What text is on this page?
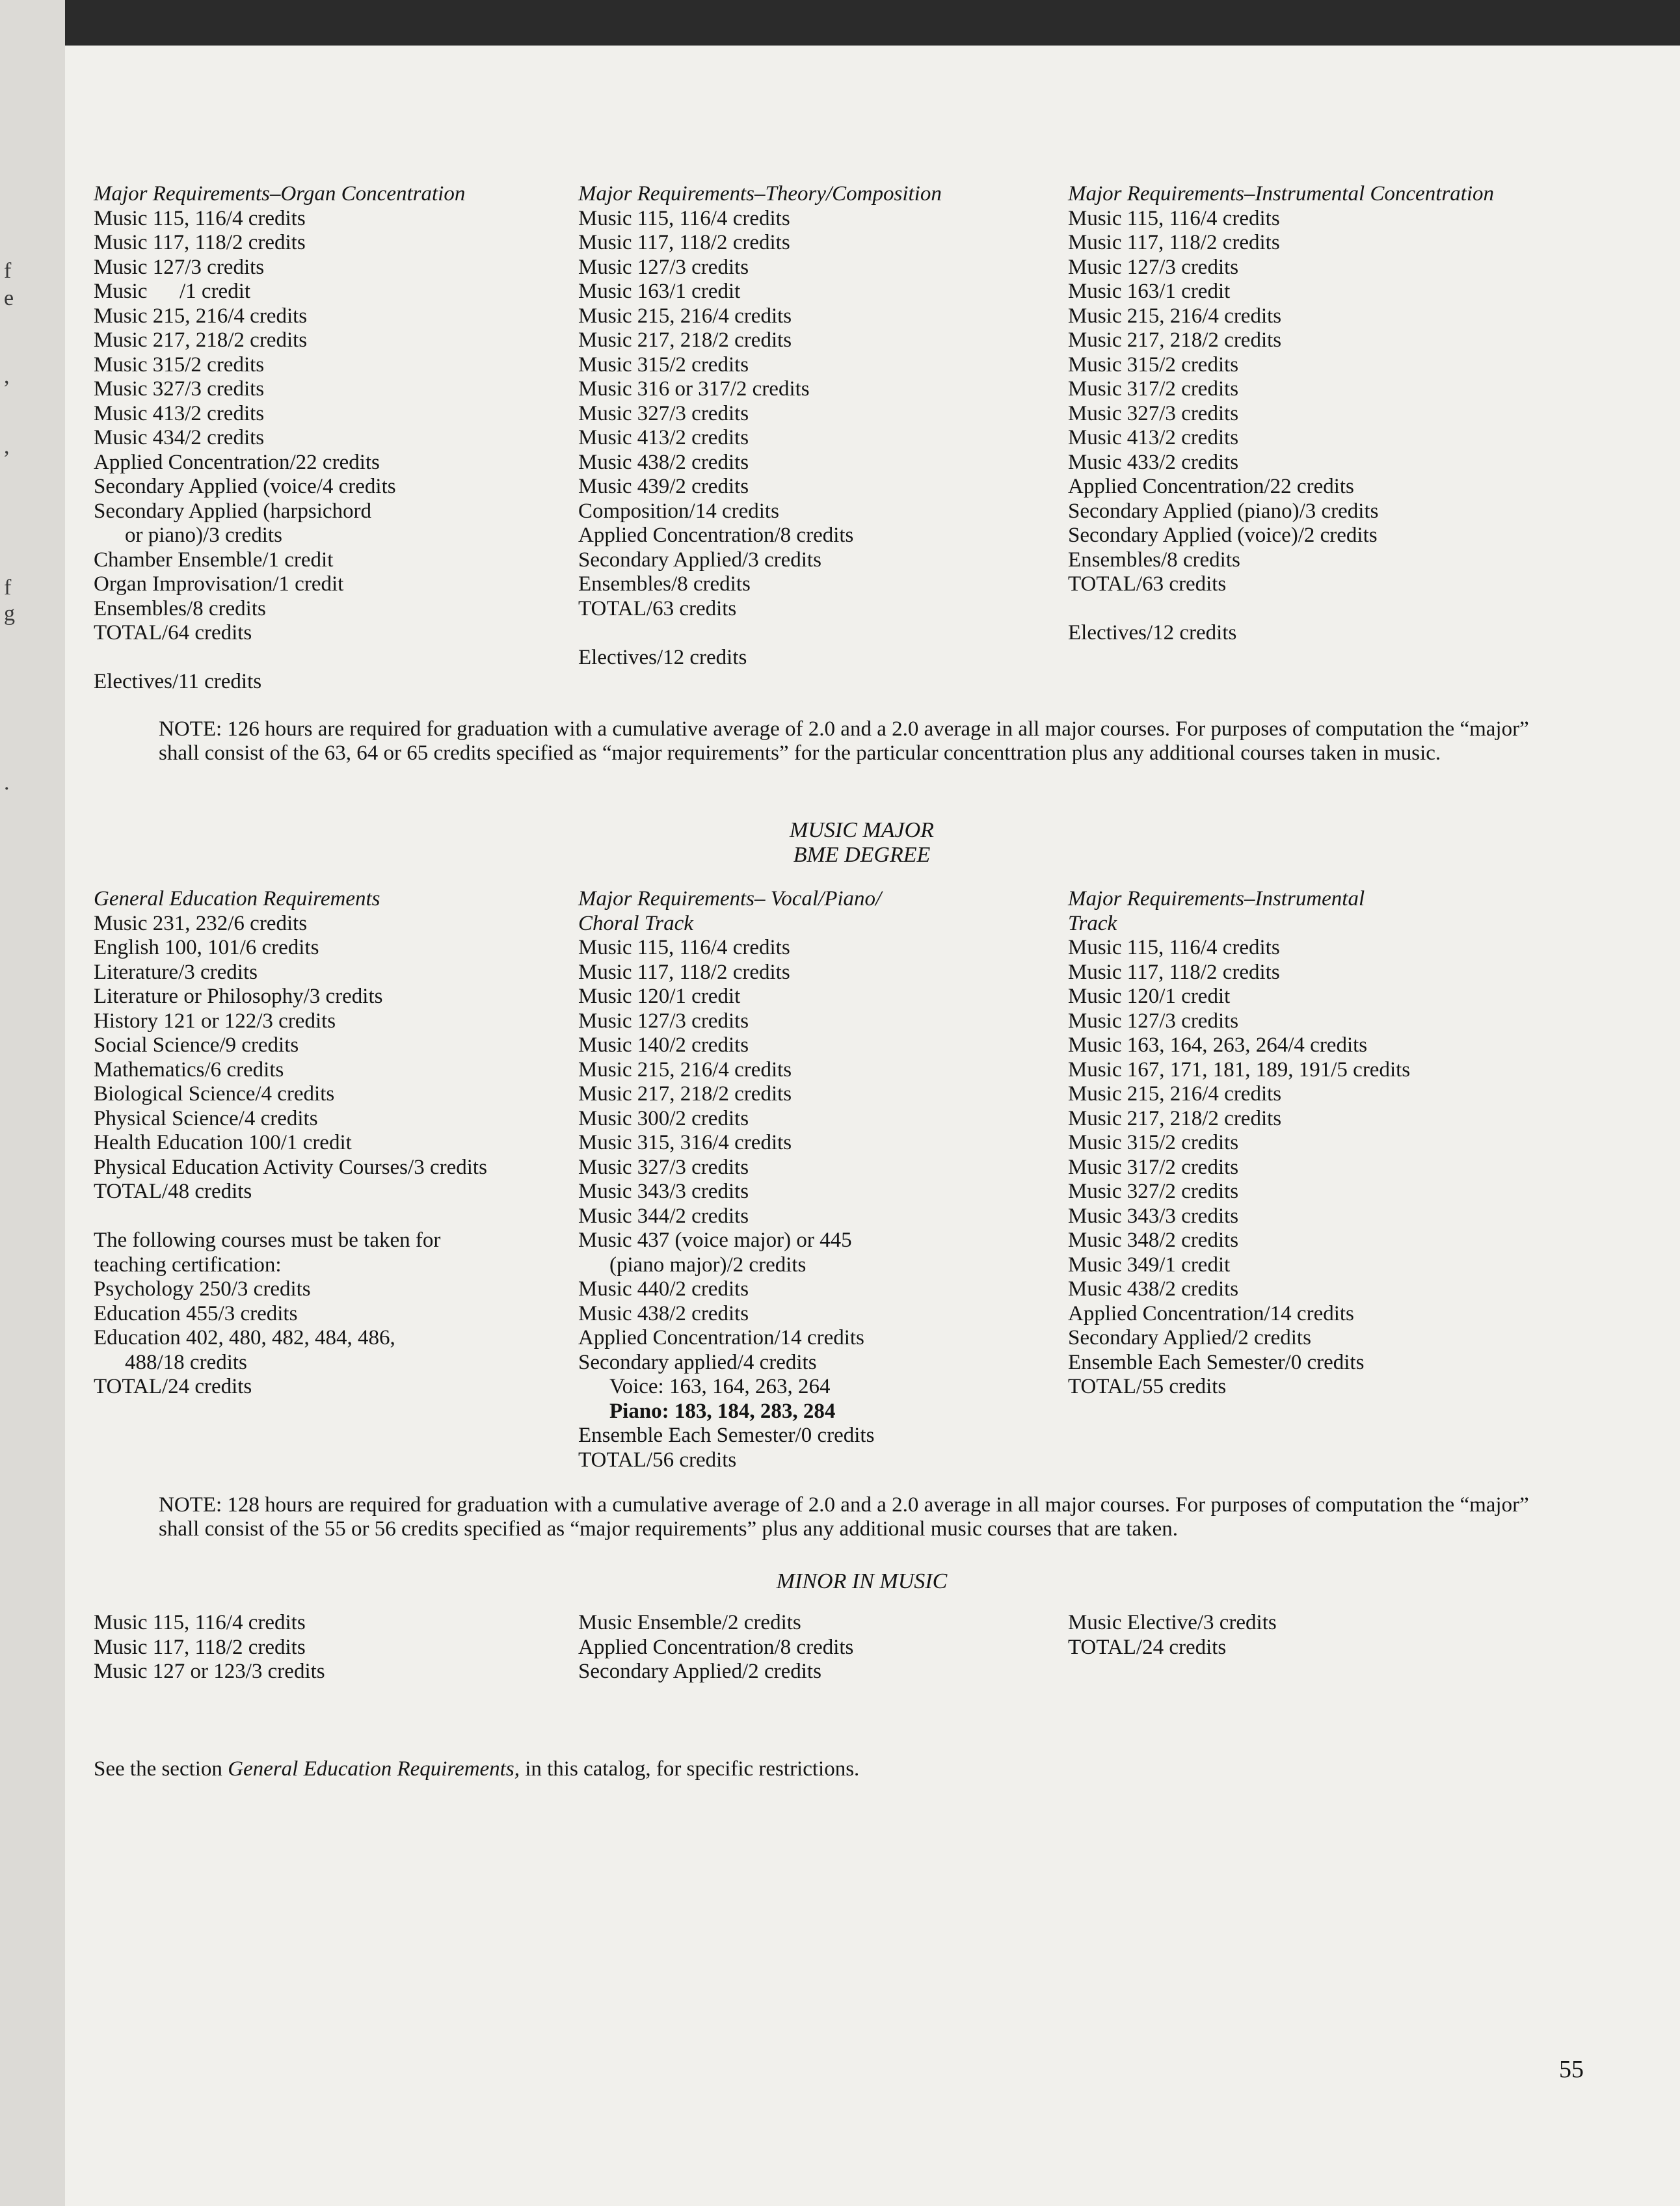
f
e
,
,
f
g
.
Major Requirements–Organ Concentration
Music 115, 116/4 credits
Music 117, 118/2 credits
Music 127/3 credits
Music      /1 credit
Music 215, 216/4 credits
Music 217, 218/2 credits
Music 315/2 credits
Music 327/3 credits
Music 413/2 credits
Music 434/2 credits
Applied Concentration/22 credits
Secondary Applied (voice/4 credits
Secondary Applied (harpsichord
or piano)/3 credits
Chamber Ensemble/1 credit
Organ Improvisation/1 credit
Ensembles/8 credits
TOTAL/64 credits
Electives/11 credits
Major Requirements–Theory/Composition
Music 115, 116/4 credits
Music 117, 118/2 credits
Music 127/3 credits
Music 163/1 credit
Music 215, 216/4 credits
Music 217, 218/2 credits
Music 315/2 credits
Music 316 or 317/2 credits
Music 327/3 credits
Music 413/2 credits
Music 438/2 credits
Music 439/2 credits
Composition/14 credits
Applied Concentration/8 credits
Secondary Applied/3 credits
Ensembles/8 credits
TOTAL/63 credits
Electives/12 credits
Major Requirements–Instrumental Concentration
Music 115, 116/4 credits
Music 117, 118/2 credits
Music 127/3 credits
Music 163/1 credit
Music 215, 216/4 credits
Music 217, 218/2 credits
Music 315/2 credits
Music 317/2 credits
Music 327/3 credits
Music 413/2 credits
Music 433/2 credits
Applied Concentration/22 credits
Secondary Applied (piano)/3 credits
Secondary Applied (voice)/2 credits
Ensembles/8 credits
TOTAL/63 credits
Electives/12 credits
NOTE: 126 hours are required for graduation with a cumulative average of 2.0 and a 2.0 average in all major courses. For purposes of computation the “major” shall consist of the 63, 64 or 65 credits specified as “major requirements” for the particular concenttration plus any additional courses taken in music.
MUSIC MAJOR
BME DEGREE
General Education Requirements
Music 231, 232/6 credits
English 100, 101/6 credits
Literature/3 credits
Literature or Philosophy/3 credits
History 121 or 122/3 credits
Social Science/9 credits
Mathematics/6 credits
Biological Science/4 credits
Physical Science/4 credits
Health Education 100/1 credit
Physical Education Activity Courses/3 credits
TOTAL/48 credits
The following courses must be taken for
teaching certification:
Psychology 250/3 credits
Education 455/3 credits
Education 402, 480, 482, 484, 486,
488/18 credits
TOTAL/24 credits
Major Requirements– Vocal/Piano/
Choral Track
Music 115, 116/4 credits
Music 117, 118/2 credits
Music 120/1 credit
Music 127/3 credits
Music 140/2 credits
Music 215, 216/4 credits
Music 217, 218/2 credits
Music 300/2 credits
Music 315, 316/4 credits
Music 327/3 credits
Music 343/3 credits
Music 344/2 credits
Music 437 (voice major) or 445
(piano major)/2 credits
Music 440/2 credits
Music 438/2 credits
Applied Concentration/14 credits
Secondary applied/4 credits
Voice: 163, 164, 263, 264
Piano: 183, 184, 283, 284
Ensemble Each Semester/0 credits
TOTAL/56 credits
Major Requirements–Instrumental
Track
Music 115, 116/4 credits
Music 117, 118/2 credits
Music 120/1 credit
Music 127/3 credits
Music 163, 164, 263, 264/4 credits
Music 167, 171, 181, 189, 191/5 credits
Music 215, 216/4 credits
Music 217, 218/2 credits
Music 315/2 credits
Music 317/2 credits
Music 327/2 credits
Music 343/3 credits
Music 348/2 credits
Music 349/1 credit
Music 438/2 credits
Applied Concentration/14 credits
Secondary Applied/2 credits
Ensemble Each Semester/0 credits
TOTAL/55 credits
NOTE: 128 hours are required for graduation with a cumulative average of 2.0 and a 2.0 average in all major courses. For purposes of computation the “major” shall consist of the 55 or 56 credits specified as “major requirements” plus any additional music courses that are taken.
MINOR IN MUSIC
Music 115, 116/4 credits
Music 117, 118/2 credits
Music 127 or 123/3 credits
Music Ensemble/2 credits
Applied Concentration/8 credits
Secondary Applied/2 credits
Music Elective/3 credits
TOTAL/24 credits
See the section General Education Requirements, in this catalog, for specific restrictions.
55
